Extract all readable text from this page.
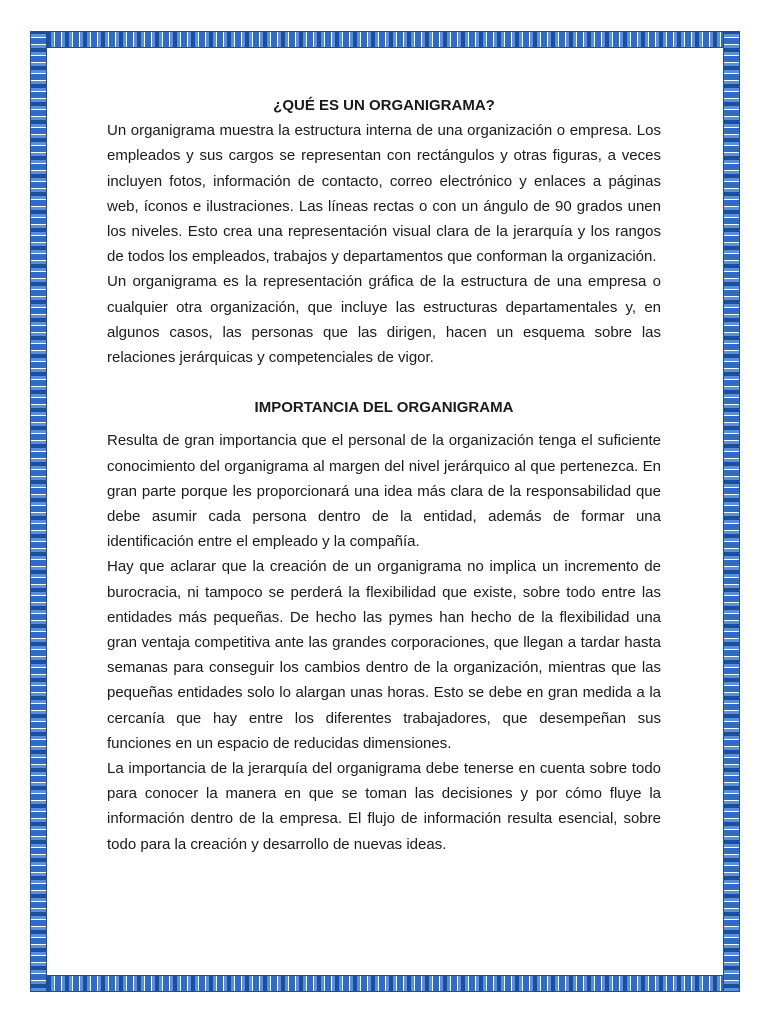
¿QUÉ ES UN ORGANIGRAMA?

Un organigrama muestra la estructura interna de una organización o empresa. Los empleados y sus cargos se representan con rectángulos y otras figuras, a veces incluyen fotos, información de contacto, correo electrónico y enlaces a páginas web, íconos e ilustraciones. Las líneas rectas o con un ángulo de 90 grados unen los niveles. Esto crea una representación visual clara de la jerarquía y los rangos de todos los empleados, trabajos y departamentos que conforman la organización.

Un organigrama es la representación gráfica de la estructura de una empresa o cualquier otra organización, que incluye las estructuras departamentales y, en algunos casos, las personas que las dirigen, hacen un esquema sobre las relaciones jerárquicas y competenciales de vigor.

IMPORTANCIA DEL ORGANIGRAMA

Resulta de gran importancia que el personal de la organización tenga el suficiente conocimiento del organigrama al margen del nivel jerárquico al que pertenezca. En gran parte porque les proporcionará una idea más clara de la responsabilidad que debe asumir cada persona dentro de la entidad, además de formar una identificación entre el empleado y la compañía.

Hay que aclarar que la creación de un organigrama no implica un incremento de burocracia, ni tampoco se perderá la flexibilidad que existe, sobre todo entre las entidades más pequeñas. De hecho las pymes han hecho de la flexibilidad una gran ventaja competitiva ante las grandes corporaciones, que llegan a tardar hasta semanas para conseguir los cambios dentro de la organización, mientras que las pequeñas entidades solo lo alargan unas horas. Esto se debe en gran medida a la cercanía que hay entre los diferentes trabajadores, que desempeñan sus funciones en un espacio de reducidas dimensiones.

La importancia de la jerarquía del organigrama debe tenerse en cuenta sobre todo para conocer la manera en que se toman las decisiones y por cómo fluye la información dentro de la empresa. El flujo de información resulta esencial, sobre todo para la creación y desarrollo de nuevas ideas.
